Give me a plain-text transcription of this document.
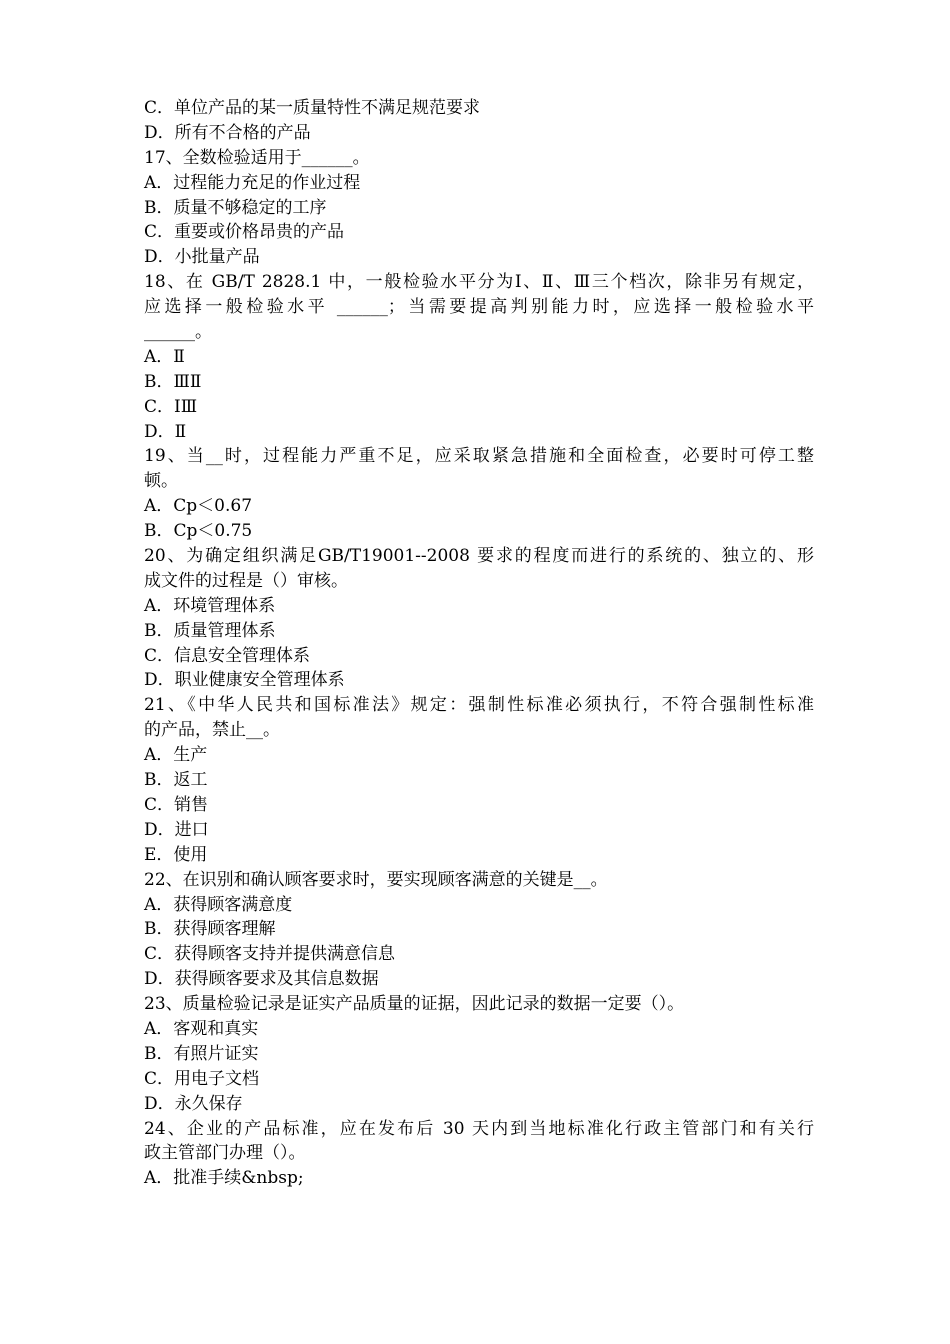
C．单位产品的某一质量特性不满足规范要求
D．所有不合格的产品
17、全数检验适用于______。
A．过程能力充足的作业过程
B．质量不够稳定的工序
C．重要或价格昂贵的产品
D．小批量产品
18、在 GB/T 2828.1 中，一般检验水平分为Ⅰ、Ⅱ、Ⅲ三个档次，除非另有规定，
应选择一般检验水平 ______；当需要提高判别能力时，应选择一般检验水平
______。
A．Ⅱ
B．ⅢⅡ
C．ⅠⅢ
D．Ⅱ
19、当__时，过程能力严重不足，应采取紧急措施和全面检查，必要时可停工整
顿。
A．Cp＜0.67
B．Cp＜0.75
20、为确定组织满足GB/T19001--2008 要求的程度而进行的系统的、独立的、形
成文件的过程是（）审核。
A．环境管理体系
B．质量管理体系
C．信息安全管理体系
D．职业健康安全管理体系
21、《中华人民共和国标准法》规定：强制性标准必须执行，不符合强制性标准
的产品，禁止__。
A．生产
B．返工
C．销售
D．进口
E．使用
22、在识别和确认顾客要求时，要实现顾客满意的关键是__。
A．获得顾客满意度
B．获得顾客理解
C．获得顾客支持并提供满意信息
D．获得顾客要求及其信息数据
23、质量检验记录是证实产品质量的证据，因此记录的数据一定要（）。
A．客观和真实
B．有照片证实
C．用电子文档
D．永久保存
24、企业的产品标准，应在发布后 30 天内到当地标准化行政主管部门和有关行
政主管部门办理（）。
A．批准手续&nbsp;
